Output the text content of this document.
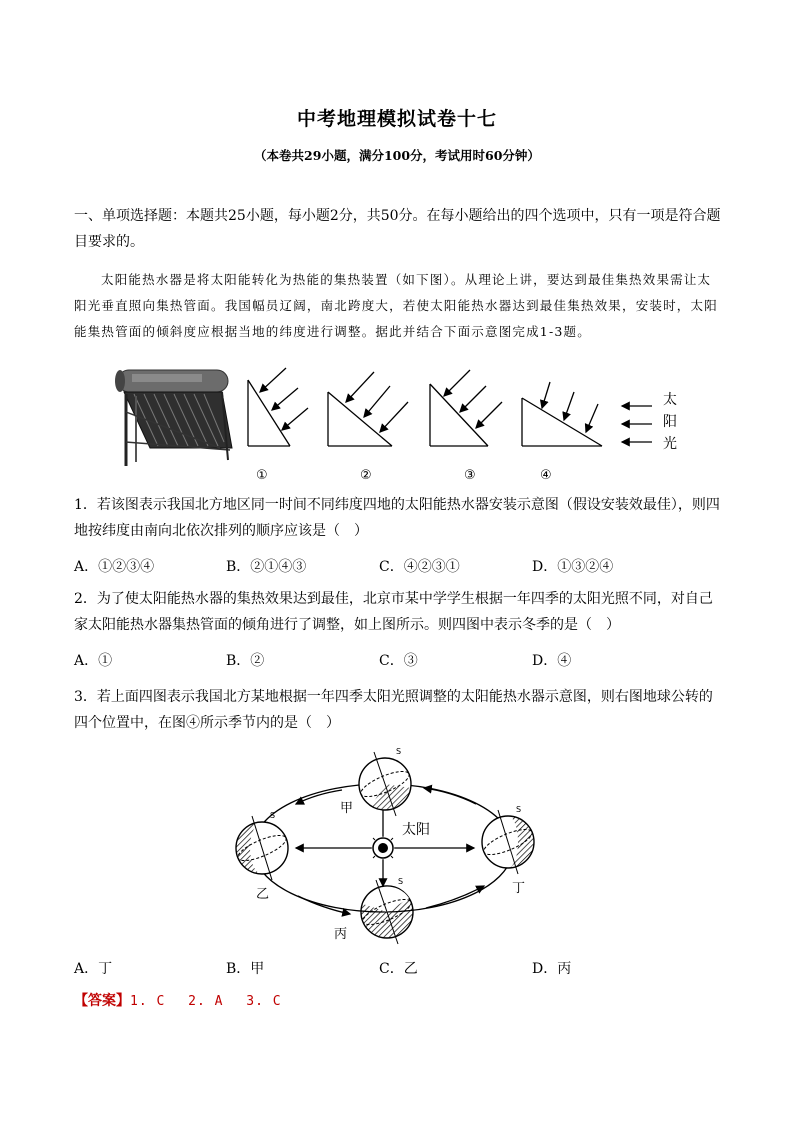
中考地理模拟试卷十七
（本卷共29小题，满分100分，考试用时60分钟）
一、单项选择题：本题共25小题，每小题2分，共50分。在每小题给出的四个选项中，只有一项是符合题目要求的。
太阳能热水器是将太阳能转化为热能的集热装置（如下图）。从理论上讲，要达到最佳集热效果需让太阳光垂直照向集热管面。我国幅员辽阔，南北跨度大，若使太阳能热水器达到最佳集热效果，安装时，太阳能集热管面的倾斜度应根据当地的纬度进行调整。据此并结合下面示意图完成1-3题。
太
阳
光
①	②	③	④
1．若该图表示我国北方地区同一时间不同纬度四地的太阳能热水器安装示意图（假设安装效最佳），则四地按纬度由南向北依次排列的顺序应该是（　）
A．①②③④	B．②①④③	C．④②③①	D．①③②④
2．为了使太阳能热水器的集热效果达到最佳，北京市某中学学生根据一年四季的太阳光照不同，对自己家太阳能热水器集热管面的倾角进行了调整，如上图所示。则四图中表示冬季的是（　）
A．①	B．②	C．③	D．④
3．若上面四图表示我国北方某地根据一年四季太阳光照调整的太阳能热水器示意图，则右图地球公转的四个位置中，在图④所示季节内的是（　）
太阳
S
甲
S
乙
S
丙
S
丁
A．丁	B．甲	C．乙	D．丙
【答案】1. C　 2. A　 3. C
